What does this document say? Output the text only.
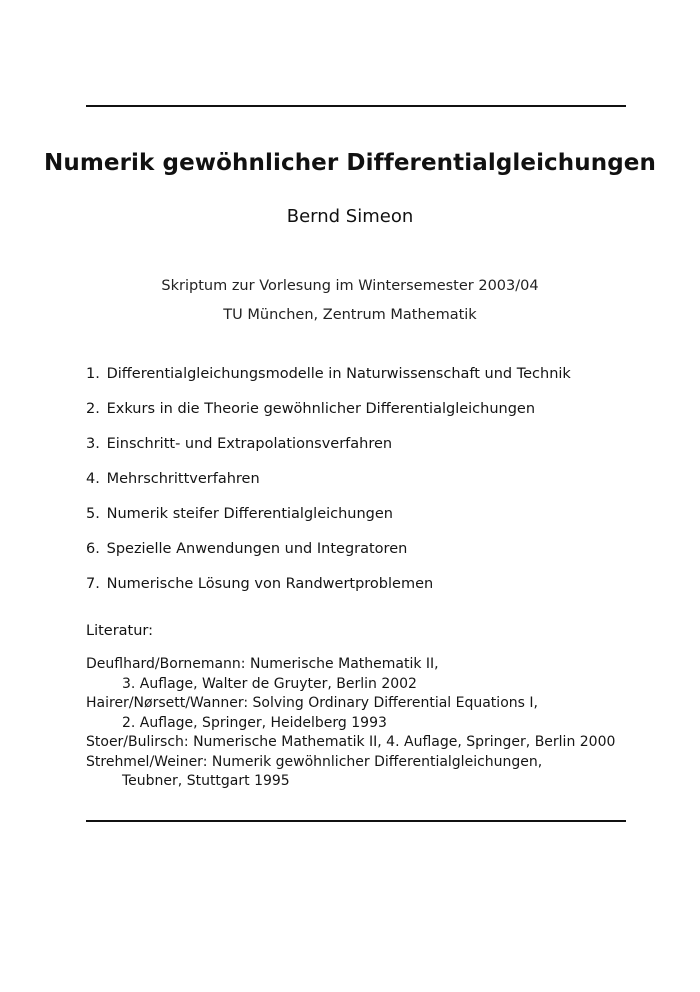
Numerik gewöhnlicher Differentialgleichungen
Bernd Simeon
Skriptum zur Vorlesung im Wintersemester 2003/04
TU München, Zentrum Mathematik
1. Differentialgleichungsmodelle in Naturwissenschaft und Technik
2. Exkurs in die Theorie gewöhnlicher Differentialgleichungen
3. Einschritt- und Extrapolationsverfahren
4. Mehrschrittverfahren
5. Numerik steifer Differentialgleichungen
6. Spezielle Anwendungen und Integratoren
7. Numerische Lösung von Randwertproblemen
Literatur:
Deuflhard/Bornemann: Numerische Mathematik II,
3. Auflage, Walter de Gruyter, Berlin 2002
Hairer/Nørsett/Wanner: Solving Ordinary Differential Equations I,
2. Auflage, Springer, Heidelberg 1993
Stoer/Bulirsch: Numerische Mathematik II, 4. Auflage, Springer, Berlin 2000
Strehmel/Weiner: Numerik gewöhnlicher Differentialgleichungen,
Teubner, Stuttgart 1995
